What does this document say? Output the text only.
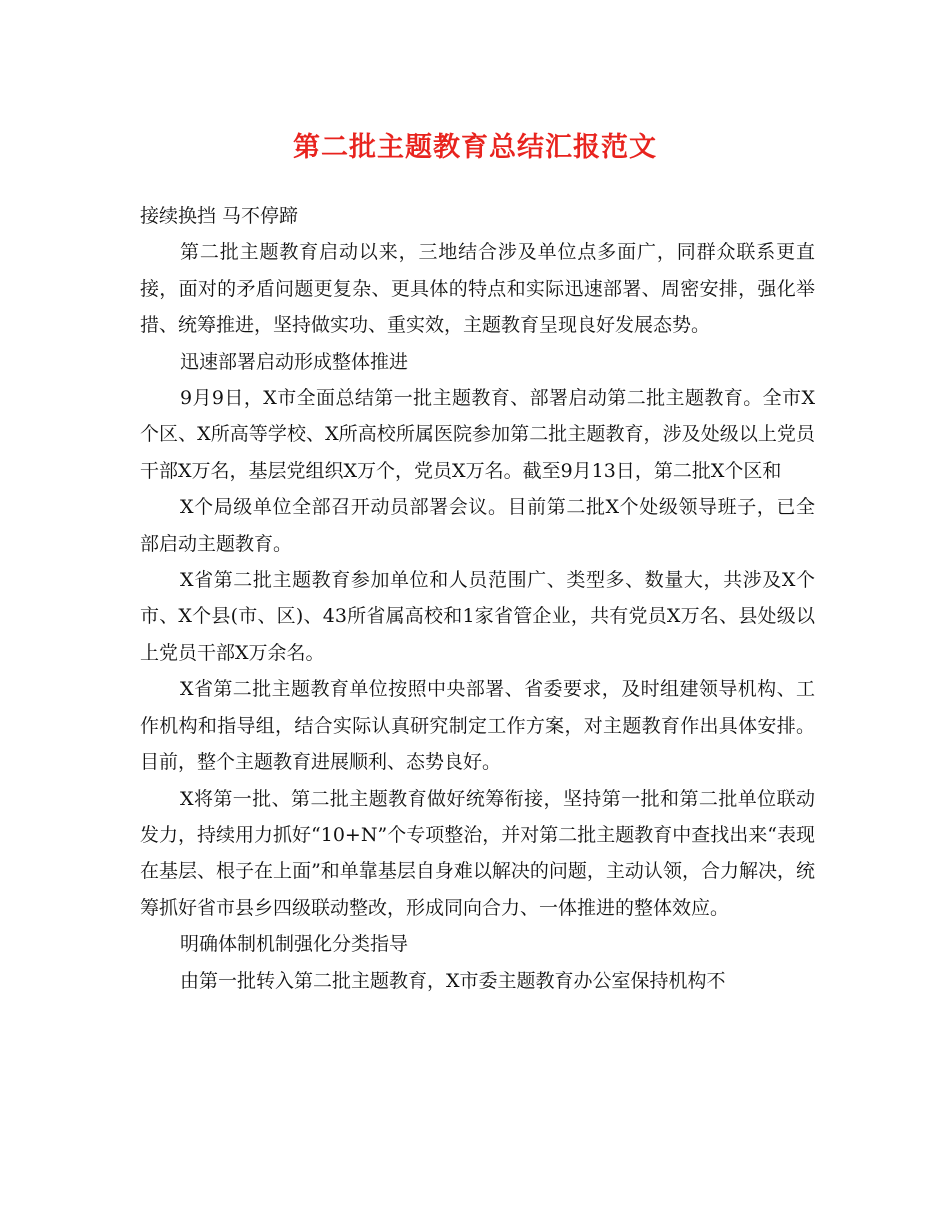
第二批主题教育总结汇报范文

接续换挡 马不停蹄

第二批主题教育启动以来，三地结合涉及单位点多面广，同群众联系更直接，面对的矛盾问题更复杂、更具体的特点和实际迅速部署、周密安排，强化举措、统筹推进，坚持做实功、重实效，主题教育呈现良好发展态势。

迅速部署启动形成整体推进

9月9日，X市全面总结第一批主题教育、部署启动第二批主题教育。全市X个区、X所高等学校、X所高校所属医院参加第二批主题教育，涉及处级以上党员干部X万名，基层党组织X万个，党员X万名。截至9月13日，第二批X个区和

X个局级单位全部召开动员部署会议。目前第二批X个处级领导班子，已全部启动主题教育。

X省第二批主题教育参加单位和人员范围广、类型多、数量大，共涉及X个市、X个县(市、区)、43所省属高校和1家省管企业，共有党员X万名、县处级以上党员干部X万余名。

X省第二批主题教育单位按照中央部署、省委要求，及时组建领导机构、工作机构和指导组，结合实际认真研究制定工作方案，对主题教育作出具体安排。目前，整个主题教育进展顺利、态势良好。

X将第一批、第二批主题教育做好统筹衔接，坚持第一批和第二批单位联动发力，持续用力抓好“10+N”个专项整治，并对第二批主题教育中查找出来“表现在基层、根子在上面”和单靠基层自身难以解决的问题，主动认领，合力解决，统筹抓好省市县乡四级联动整改，形成同向合力、一体推进的整体效应。

明确体制机制强化分类指导

由第一批转入第二批主题教育，X市委主题教育办公室保持机构不
